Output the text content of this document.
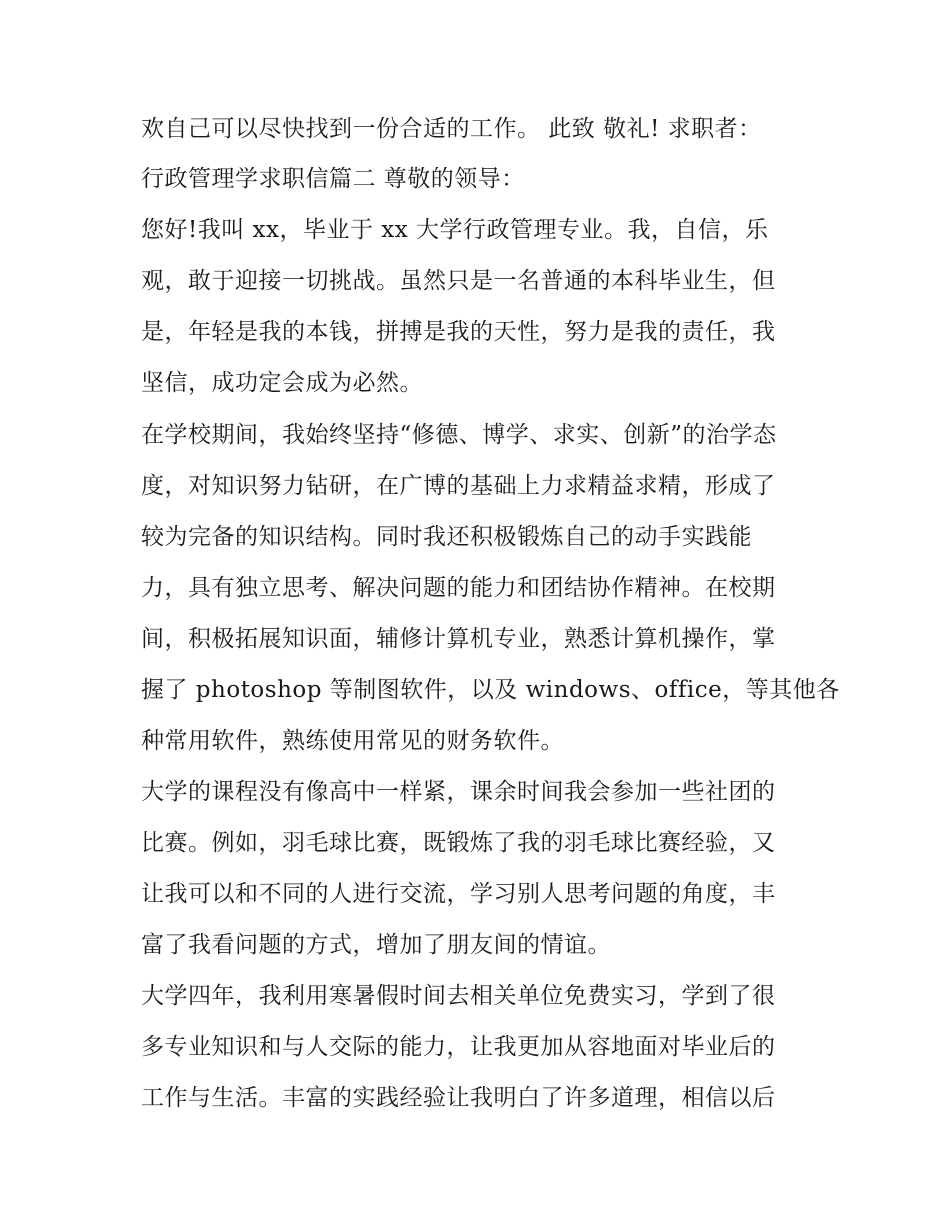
欢自己可以尽快找到一份合适的工作。 此致 敬礼! 求职者：
行政管理学求职信篇二 尊敬的领导：
您好!我叫 xx，毕业于 xx 大学行政管理专业。我，自信，乐
观，敢于迎接一切挑战。虽然只是一名普通的本科毕业生，但
是，年轻是我的本钱，拼搏是我的天性，努力是我的责任，我
坚信，成功定会成为必然。
在学校期间，我始终坚持“修德、博学、求实、创新”的治学态
度，对知识努力钻研，在广博的基础上力求精益求精，形成了
较为完备的知识结构。同时我还积极锻炼自己的动手实践能
力，具有独立思考、解决问题的能力和团结协作精神。在校期
间，积极拓展知识面，辅修计算机专业，熟悉计算机操作，掌
握了 photoshop 等制图软件，以及 windows、office，等其他各
种常用软件，熟练使用常见的财务软件。
大学的课程没有像高中一样紧，课余时间我会参加一些社团的
比赛。例如，羽毛球比赛，既锻炼了我的羽毛球比赛经验，又
让我可以和不同的人进行交流，学习别人思考问题的角度，丰
富了我看问题的方式，增加了朋友间的情谊。
大学四年，我利用寒暑假时间去相关单位免费实习，学到了很
多专业知识和与人交际的能力，让我更加从容地面对毕业后的
工作与生活。丰富的实践经验让我明白了许多道理，相信以后
